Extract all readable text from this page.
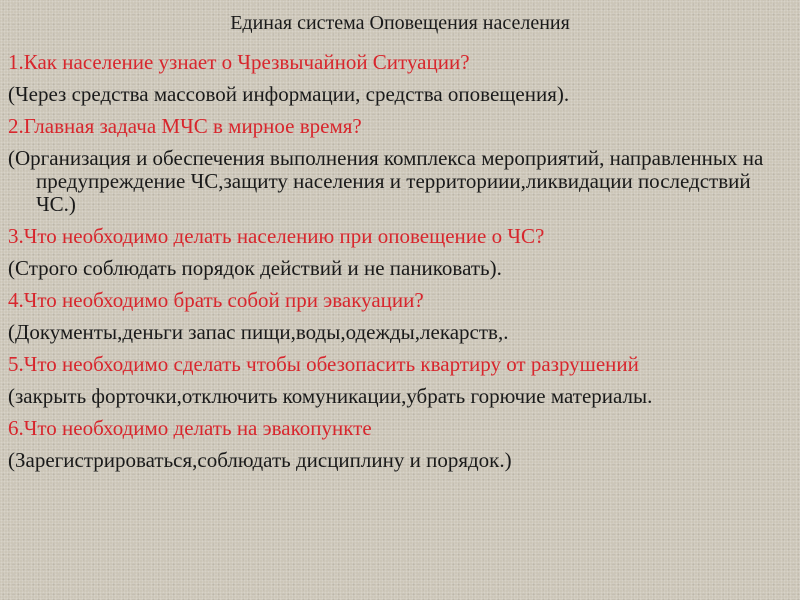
Единая система Оповещения населения

1.Как население узнает о Чрезвычайной Ситуации?

(Через средства массовой информации, средства оповещения).

2.Главная задача МЧС в мирное время?

(Организация и обеспечения выполнения комплекса мероприятий, направленных на предупреждение ЧС,защиту населения и территориии,ликвидации последствий ЧС.)

3.Что необходимо делать населению при оповещение о ЧС?

(Строго соблюдать порядок действий и не паниковать).

4.Что необходимо брать собой при эвакуации?

(Документы,деньги запас пищи,воды,одежды,лекарств,.

5.Что необходимо сделать чтобы обезопасить квартиру от разрушений

(закрыть форточки,отключить комуникации,убрать горючие материалы.

6.Что необходимо делать на эвакопункте

(Зарегистрироваться,соблюдать дисциплину и порядок.)
